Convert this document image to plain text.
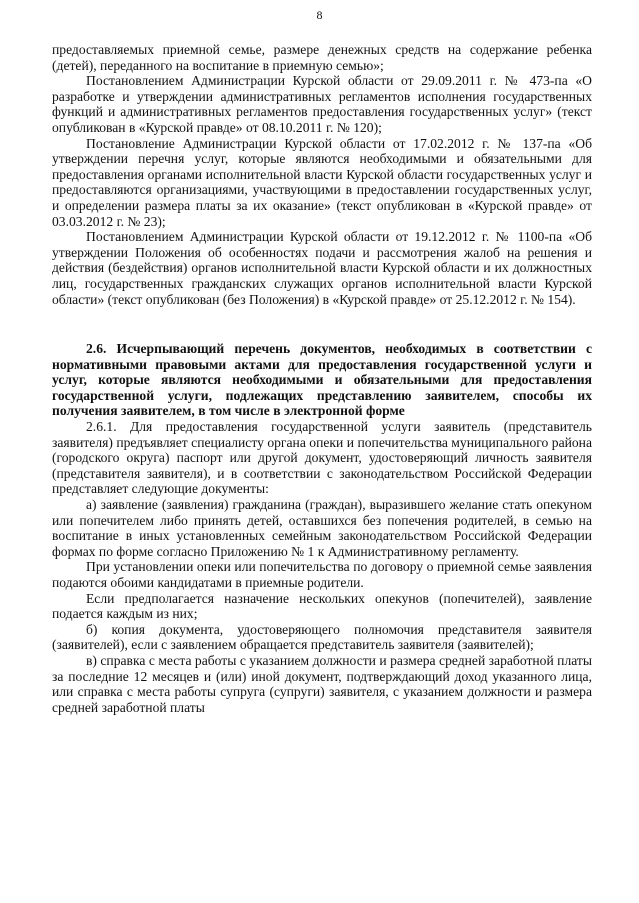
8

предоставляемых приемной семье, размере денежных средств на содержание ребенка (детей), переданного на воспитание в приемную семью»;

Постановлением Администрации Курской области от 29.09.2011 г. № 473-па «О разработке и утверждении административных регламентов исполнения государственных функций и административных регламентов предоставления государственных услуг» (текст опубликован в «Курской правде» от 08.10.2011 г. № 120);

Постановление Администрации Курской области от 17.02.2012 г. № 137-па «Об утверждении перечня услуг, которые являются необходимыми и обязательными для предоставления органами исполнительной власти Курской области государственных услуг и предоставляются организациями, участвующими в предоставлении государственных услуг, и определении размера платы за их оказание» (текст опубликован в «Курской правде» от 03.03.2012 г. № 23);

Постановлением Администрации Курской области от 19.12.2012 г. № 1100-па «Об утверждении Положения об особенностях подачи и рассмотрения жалоб на решения и действия (бездействия) органов исполнительной власти Курской области и их должностных лиц, государственных гражданских служащих органов исполнительной власти Курской области» (текст опубликован (без Положения) в «Курской правде» от 25.12.2012 г. № 154).

2.6. Исчерпывающий перечень документов, необходимых в соответствии с нормативными правовыми актами для предоставления государственной услуги и услуг, которые являются необходимыми и обязательными для предоставления государственной услуги, подлежащих представлению заявителем, способы их получения заявителем, в том числе в электронной форме

2.6.1. Для предоставления государственной услуги заявитель (представитель заявителя) предъявляет специалисту органа опеки и попечительства муниципального района (городского округа) паспорт или другой документ, удостоверяющий личность заявителя (представителя заявителя), и в соответствии с законодательством Российской Федерации представляет следующие документы:

а) заявление (заявления) гражданина (граждан), выразившего желание стать опекуном или попечителем либо принять детей, оставшихся без попечения родителей, в семью на воспитание в иных установленных семейным законодательством Российской Федерации формах по форме согласно Приложению № 1 к Административному регламенту.

При установлении опеки или попечительства по договору о приемной семье заявления подаются обоими кандидатами в приемные родители.

Если предполагается назначение нескольких опекунов (попечителей), заявление подается каждым из них;

б) копия документа, удостоверяющего полномочия представителя заявителя (заявителей), если с заявлением обращается представитель заявителя (заявителей);

в) справка с места работы с указанием должности и размера средней заработной платы за последние 12 месяцев и (или) иной документ, подтверждающий доход указанного лица, или справка с места работы супруга (супруги) заявителя, с указанием должности и размера средней заработной платы
